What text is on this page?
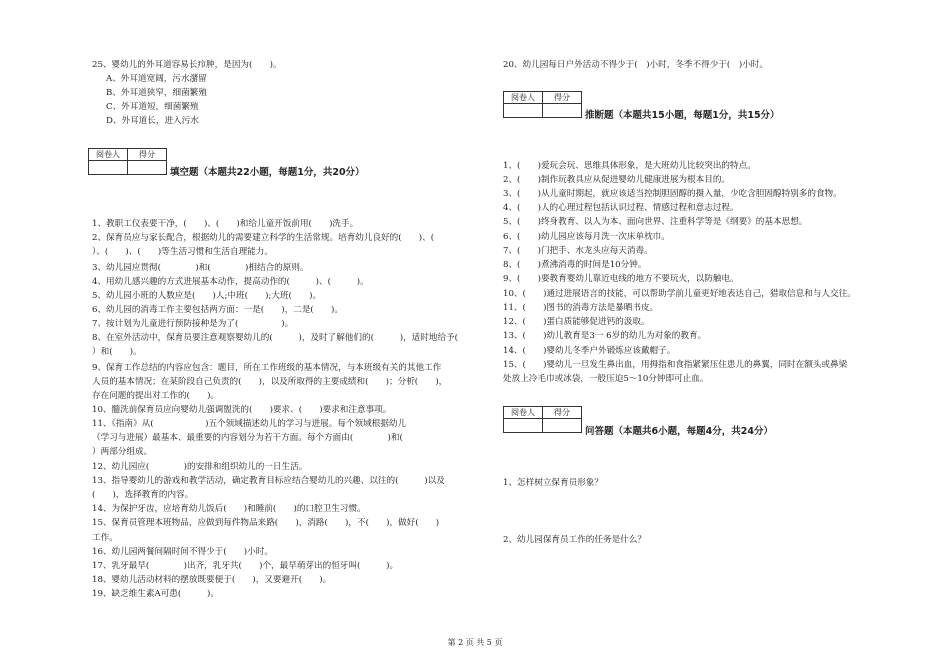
25、婴幼儿的外耳道容易长疖肿，是因为(　　)。
A、外耳道宽阔，污水潴留
B、外耳道狭窄，细菌繁殖
C、外耳道短，细菌繁殖
D、外耳道长，进入污水
阅卷人	得分

填空题（本题共22小题，每题1分，共20分）
1、教职工仪表要干净，(　　)、(　　)和给儿童开饭前用(　　)洗手。
2、保育员应与家长配合，根据幼儿的需要建立科学的生活常规。培育幼儿良好的(　　)、(
）、(　　)、(　　)等生活习惯和生活自理能力。
3、幼儿园应贯彻(　　　　)和(　　　　)相结合的原则。
4、用幼儿感兴趣的方式进展基本动作，提高动作的(　　　)、(　　　)。
5、幼儿园小班的人数应是(　　)人;中班(　　);大班(　　)。
6、幼儿园的消毒工作主要包括两方面：一是(　　)，二是(　　)。
7、按计划为儿童进行预防接种是为了(　　　　　)。
8、在室外活动中，保育员要注意观察婴幼儿的(　　　)，及时了解他们的(　　　)，适时地给予(
）和(　　)。
9、保育工作总结的内容应包含：题目，所在工作班级的基本情况，与本班级有关的其他工作
人员的基本情况；在某阶段自己负责的(　　)，以及所取得的主要成绩和(　　)；分析(　　)，
存在问题的提出对工作的(　　)。
10、髓洗前保育员应向婴幼儿强调盥洗的(　　)要求、(　　)要求和注意事项。
11、《指南》从(　　　　　　)五个领域描述幼儿的学习与进展。每个领域根据幼儿
（学习与进展）最基本、最重要的内容划分为若干方面。每个方面由(　　　　)和(
）两部分组成。
12、幼儿园应(　　　　)的安排和组织幼儿的一日生活。
13、指导婴幼儿的游戏和教学活动，确定教育目标应结合婴幼儿的兴趣、以往的(　　　)以及
(　　)，选择教育的内容。
14、为保护牙齿，应培育幼儿饭后(　　)和睡前(　　)的口腔卫生习惯。
15、保育员管理本班物品，应做到每件物品来路(　　)，消路(　　)，不(　　)，做好(　　)
工作。
16、幼儿园两餐间隔时间不得少于(　　)小时。
17、乳牙最早(　　　　)出齐，乳牙共(　　)个，最早萌芽出的恒牙叫(　　　)。
18、婴幼儿活动材料的摆放既要便于(　　)，又要避开(　　)。
19、缺乏维生素A可患(　　　)。
20、幼儿园每日户外活动不得少于(　)小时，冬季不得少于(　)小时。
阅卷人	得分

推断题（本题共15小题，每题1分，共15分）
1、(　　)爱玩会玩、思维具体形象，是大班幼儿比较突出的特点。
2、(　　)制作玩教具应从促进婴幼儿健康进展为根本目的。
3、(　　)从儿童时期起，就应该适当控制胆固醇的摄入量，少吃含胆固醇特别多的食物。
4、(　　)人的心理过程包括认识过程、情感过程和意志过程。
5、(　　)终身教育、以人为本、面向世界、注重科学等是《纲要》的基本思想。
6、(　　)幼儿园应该每月洗一次床单枕巾。
7、(　　)门把手、水龙头应每天消毒。
8、(　　)煮沸消毒的时间是10分钟。
9、(　　)要教育婴幼儿靠近电线的地方不要玩火，以防触电。
10、(　　)通过进展语言的技能，可以帮助学前儿童更好地表达自己，猎取信息和与人交往。
11、(　　)图书的消毒方法是暴晒书皮。
12、(　　)蛋白质能够促进钙的汲取。
13、(　　)幼儿教育是3一 6岁的幼儿为对象的教育。
14、(　　)婴幼儿冬季户外锻炼应该戴帽子。
15、(　　)婴幼儿一旦发生鼻出血，用拇指和食指紧紧压住患儿的鼻翼，同时在额头或鼻梁
处放上冷毛巾或冰袋，一般压迫5～10分钟即可止血。
阅卷人	得分

问答题（本题共6小题，每题4分，共24分）
1、怎样树立保育员形象？
2、幼儿园保育员工作的任务是什么？
第 2 页 共 5 页
